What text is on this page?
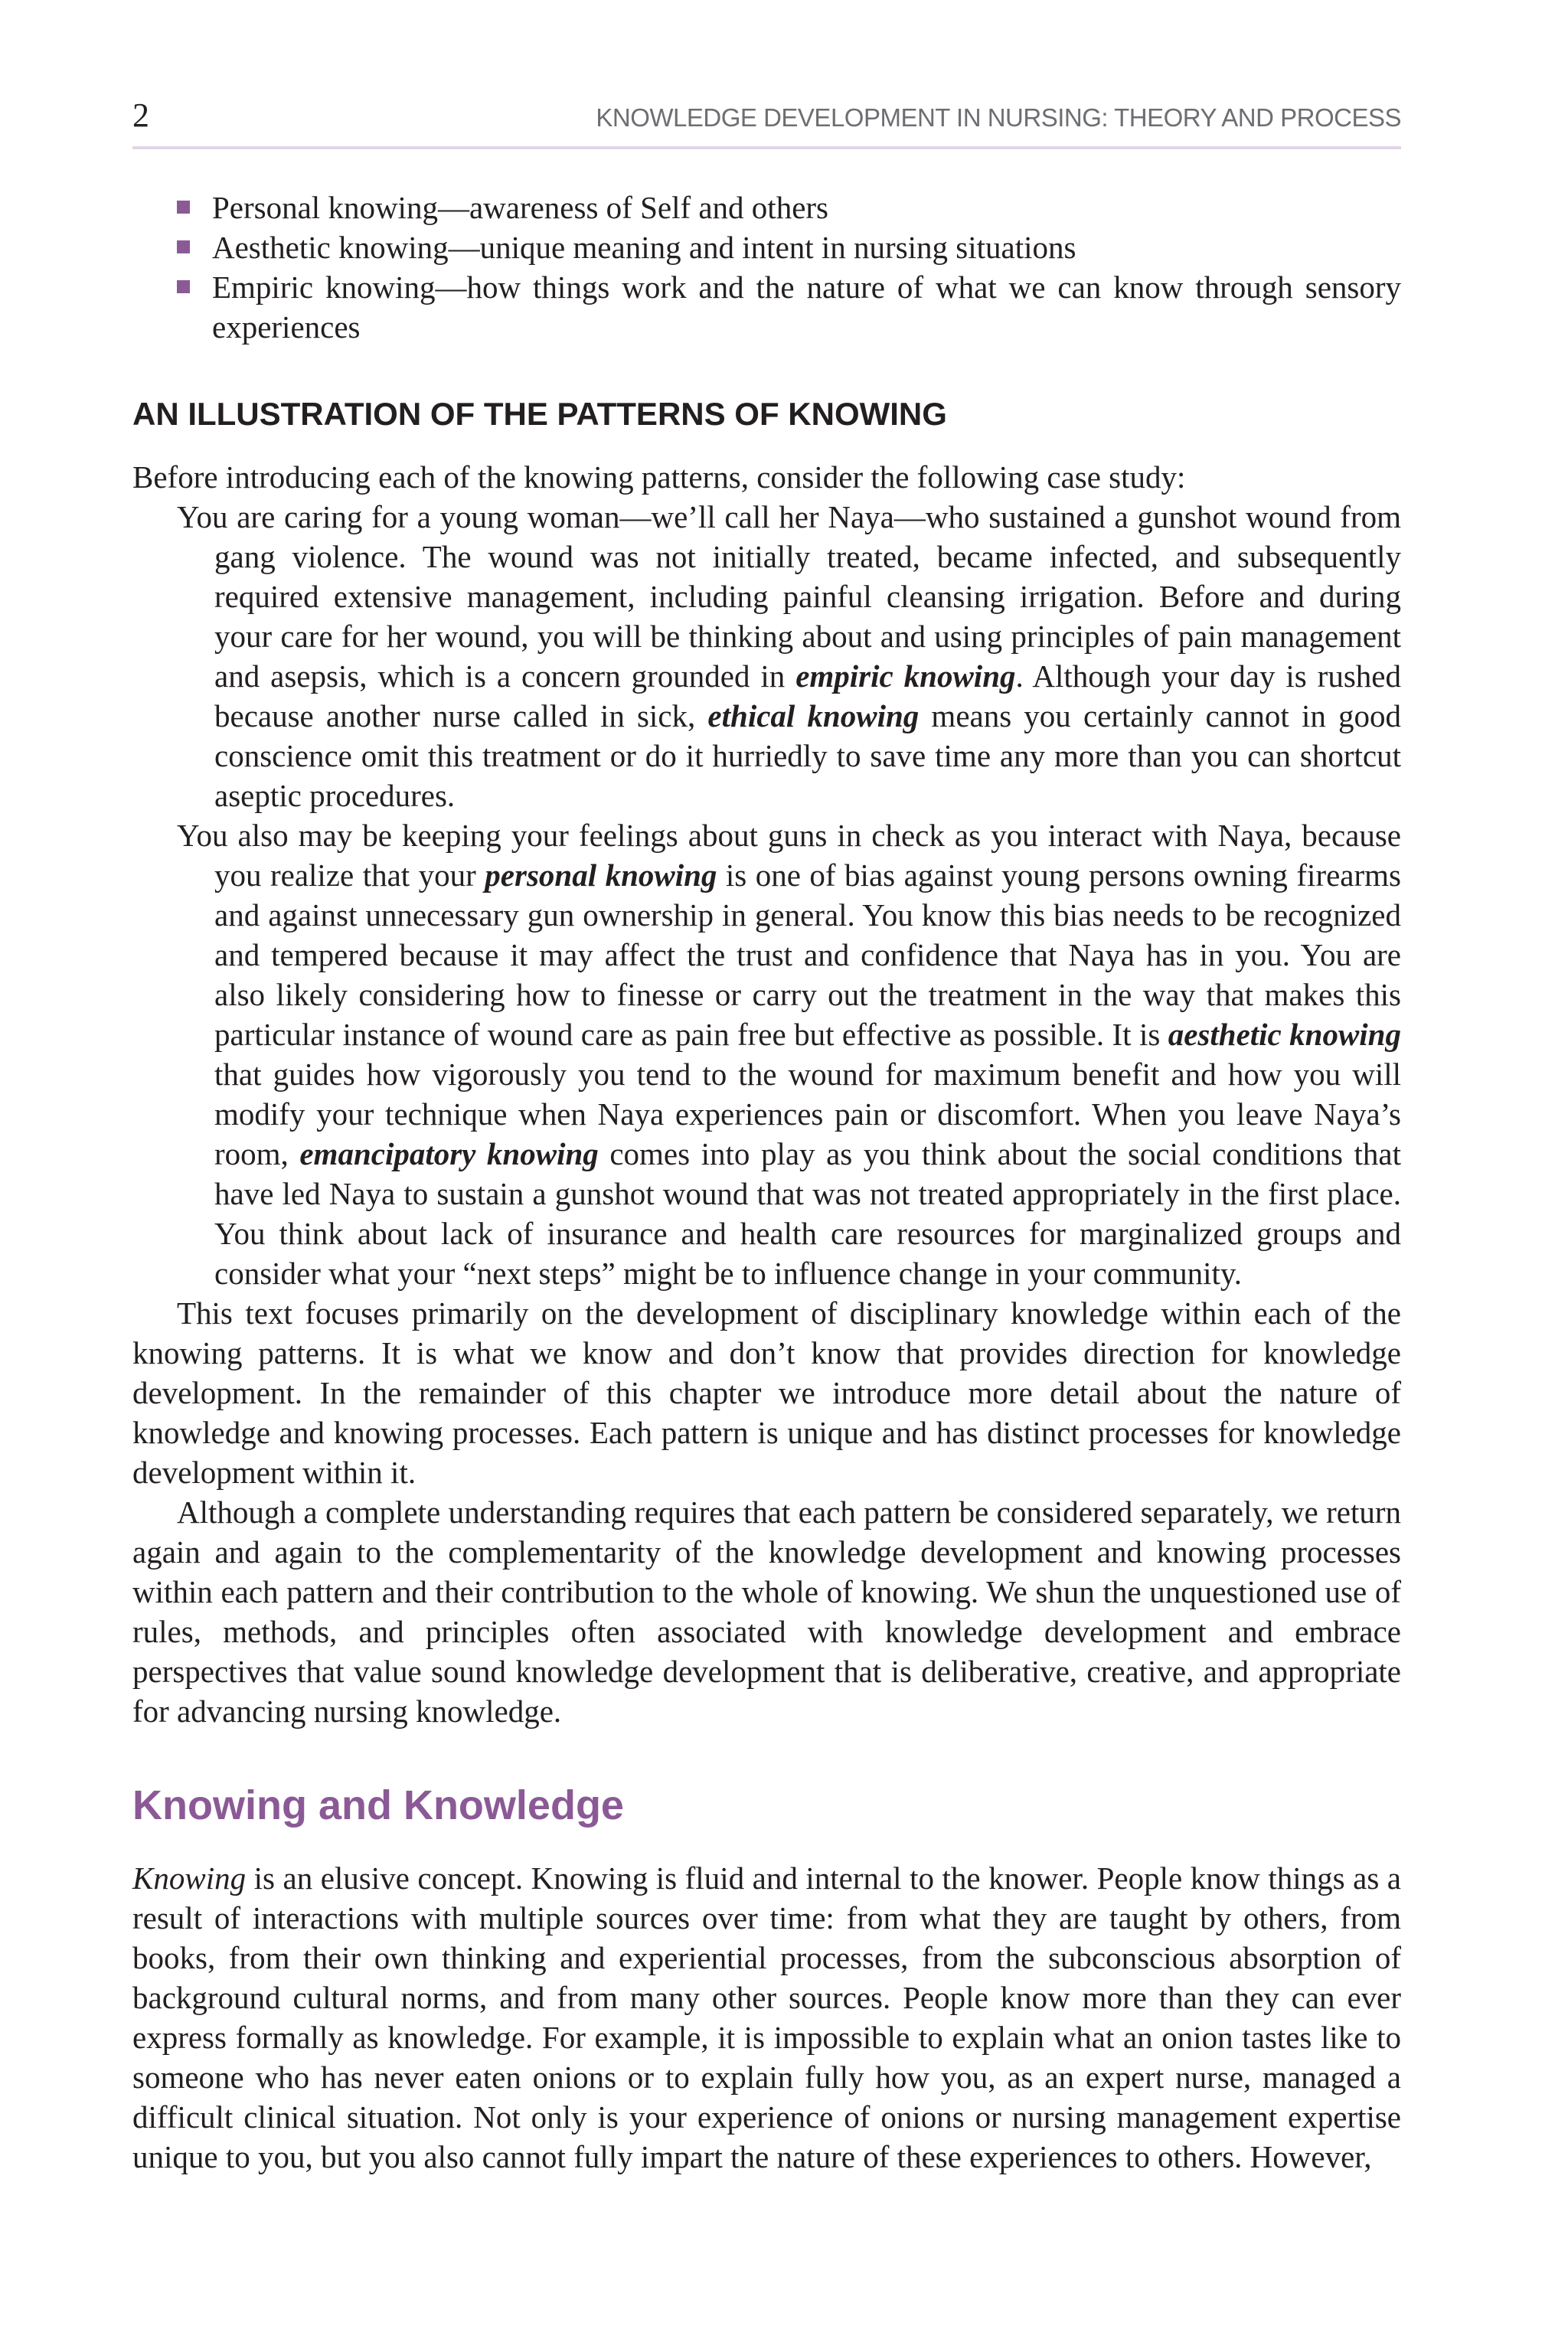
2	KNOWLEDGE DEVELOPMENT IN NURSING: THEORY AND PROCESS
Personal knowing—awareness of Self and others
Aesthetic knowing—unique meaning and intent in nursing situations
Empiric knowing—how things work and the nature of what we can know through sensory experiences
AN ILLUSTRATION OF THE PATTERNS OF KNOWING

Before introducing each of the knowing patterns, consider the following case study:

You are caring for a young woman—we’ll call her Naya—who sustained a gunshot wound from gang violence. The wound was not initially treated, became infected, and subsequently required extensive management, including painful cleansing irrigation. Before and during your care for her wound, you will be thinking about and using principles of pain management and asepsis, which is a concern grounded in empiric knowing. Although your day is rushed because another nurse called in sick, ethical knowing means you certainly cannot in good conscience omit this treatment or do it hurriedly to save time any more than you can shortcut aseptic procedures.

You also may be keeping your feelings about guns in check as you interact with Naya, because you realize that your personal knowing is one of bias against young persons owning firearms and against unnecessary gun ownership in general. You know this bias needs to be recognized and tempered because it may affect the trust and confidence that Naya has in you. You are also likely considering how to finesse or carry out the treatment in the way that makes this particular instance of wound care as pain free but effective as possible. It is aesthetic knowing that guides how vigorously you tend to the wound for maximum benefit and how you will modify your technique when Naya experiences pain or discomfort. When you leave Naya’s room, emancipatory knowing comes into play as you think about the social conditions that have led Naya to sustain a gunshot wound that was not treated appropriately in the first place. You think about lack of insurance and health care resources for marginalized groups and consider what your “next steps” might be to influence change in your community.

This text focuses primarily on the development of disciplinary knowledge within each of the knowing patterns. It is what we know and don’t know that provides direction for knowledge development. In the remainder of this chapter we introduce more detail about the nature of knowledge and knowing processes. Each pattern is unique and has distinct processes for knowledge development within it.

Although a complete understanding requires that each pattern be considered separately, we return again and again to the complementarity of the knowledge development and knowing processes within each pattern and their contribution to the whole of knowing. We shun the unquestioned use of rules, methods, and principles often associated with knowledge development and embrace perspectives that value sound knowledge development that is deliberative, creative, and appropriate for advancing nursing knowledge.

Knowing and Knowledge

Knowing is an elusive concept. Knowing is fluid and internal to the knower. People know things as a result of interactions with multiple sources over time: from what they are taught by others, from books, from their own thinking and experiential processes, from the subconscious absorption of background cultural norms, and from many other sources. People know more than they can ever express formally as knowledge. For example, it is impossible to explain what an onion tastes like to someone who has never eaten onions or to explain fully how you, as an expert nurse, managed a difficult clinical situation. Not only is your experience of onions or nursing management expertise unique to you, but you also cannot fully impart the nature of these experiences to others. However,
